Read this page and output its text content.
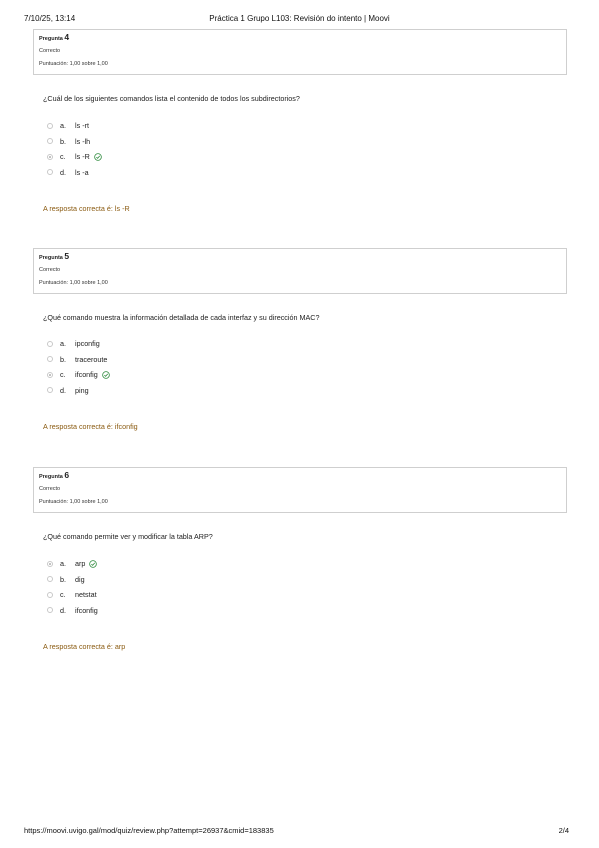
7/10/25, 13:14	Práctica 1 Grupo L103: Revisión do intento | Moovi
Pregunta 4
Correcto
Puntuación: 1,00 sobre 1,00
¿Cuál de los siguientes comandos lista el contenido de todos los subdirectorios?
a.	ls -rt
b.	ls -lh
c.	ls -R
d.	ls -a
A resposta correcta é: ls -R
Pregunta 5
Correcto
Puntuación: 1,00 sobre 1,00
¿Qué comando muestra la información detallada de cada interfaz y su dirección MAC?
a.	ipconfig
b.	traceroute
c.	ifconfig
d.	ping
A resposta correcta é: ifconfig
Pregunta 6
Correcto
Puntuación: 1,00 sobre 1,00
¿Qué comando permite ver y modificar la tabla ARP?
a.	arp
b.	dig
c.	netstat
d.	ifconfig
A resposta correcta é: arp
https://moovi.uvigo.gal/mod/quiz/review.php?attempt=26937&cmid=183835	2/4
